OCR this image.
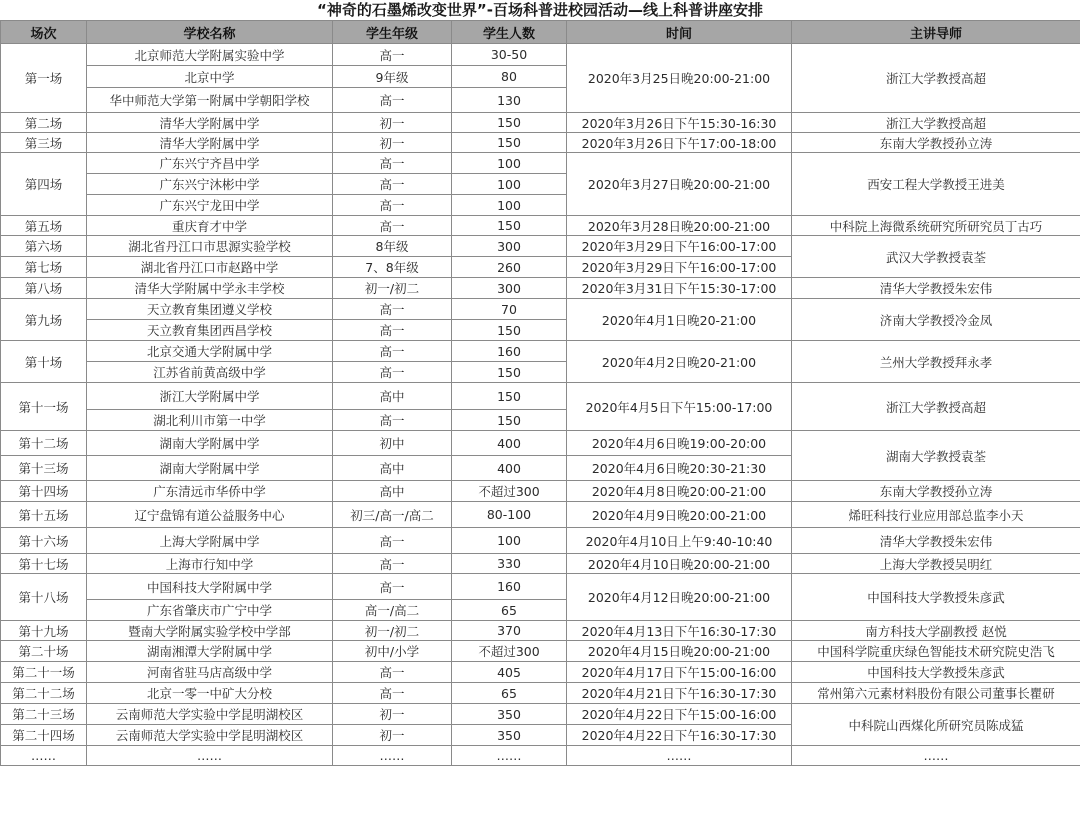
“神奇的石墨烯改变世界”-百场科普进校园活动—线上科普讲座安排
场次	学校名称	学生年级	学生人数	时间	主讲导师
第一场	北京师范大学附属实验中学	高一	30-50	2020年3月25日晚20:00-21:00	浙江大学教授高超
	北京中学	9年级	80		
	华中师范大学第一附属中学朝阳学校	高一	130		
第二场	清华大学附属中学	初一	150	2020年3月26日下午15:30-16:30	浙江大学教授高超
第三场	清华大学附属中学	初一	150	2020年3月26日下午17:00-18:00	东南大学教授孙立涛
第四场	广东兴宁齐昌中学	高一	100	2020年3月27日晚20:00-21:00	西安工程大学教授王进美
	广东兴宁沐彬中学	高一	100		
	广东兴宁龙田中学	高一	100		
第五场	重庆育才中学	高一	150	2020年3月28日晚20:00-21:00	中科院上海微系统研究所研究员丁古巧
第六场	湖北省丹江口市思源实验学校	8年级	300	2020年3月29日下午16:00-17:00	武汉大学教授袁荃
第七场	湖北省丹江口市赵路中学	7、8年级	260	2020年3月29日下午16:00-17:00	
第八场	清华大学附属中学永丰学校	初一/初二	300	2020年3月31日下午15:30-17:00	清华大学教授朱宏伟
第九场	天立教育集团遵义学校	高一	70	2020年4月1日晚20-21:00	济南大学教授冷金凤
	天立教育集团西昌学校	高一	150		
第十场	北京交通大学附属中学	高一	160	2020年4月2日晚20-21:00	兰州大学教授拜永孝
	江苏省前黄高级中学	高一	150		
第十一场	浙江大学附属中学	高中	150	2020年4月5日下午15:00-17:00	浙江大学教授高超
	湖北利川市第一中学	高一	150		
第十二场	湖南大学附属中学	初中	400	2020年4月6日晚19:00-20:00	湖南大学教授袁荃
第十三场	湖南大学附属中学	高中	400	2020年4月6日晚20:30-21:30	
第十四场	广东清远市华侨中学	高中	不超过300	2020年4月8日晚20:00-21:00	东南大学教授孙立涛
第十五场	辽宁盘锦有道公益服务中心	初三/高一/高二	80-100	2020年4月9日晚20:00-21:00	烯旺科技行业应用部总监李小天
第十六场	上海大学附属中学	高一	100	2020年4月10日上午9:40-10:40	清华大学教授朱宏伟
第十七场	上海市行知中学	高一	330	2020年4月10日晚20:00-21:00	上海大学教授吴明红
第十八场	中国科技大学附属中学	高一	160	2020年4月12日晚20:00-21:00	中国科技大学教授朱彦武
	广东省肇庆市广宁中学	高一/高二	65		
第十九场	暨南大学附属实验学校中学部	初一/初二	370	2020年4月13日下午16:30-17:30	南方科技大学副教授 赵悦
第二十场	湖南湘潭大学附属中学	初中/小学	不超过300	2020年4月15日晚20:00-21:00	中国科学院重庆绿色智能技术研究院史浩飞
第二十一场	河南省驻马店高级中学	高一	405	2020年4月17日下午15:00-16:00	中国科技大学教授朱彦武
第二十二场	北京一零一中矿大分校	高一	65	2020年4月21日下午16:30-17:30	常州第六元素材料股份有限公司董事长瞿研
第二十三场	云南师范大学实验中学昆明湖校区	初一	350	2020年4月22日下午15:00-16:00	中科院山西煤化所研究员陈成猛
第二十四场	云南师范大学实验中学昆明湖校区	初一	350	2020年4月22日下午16:30-17:30	
……	……	……	……	……	……
